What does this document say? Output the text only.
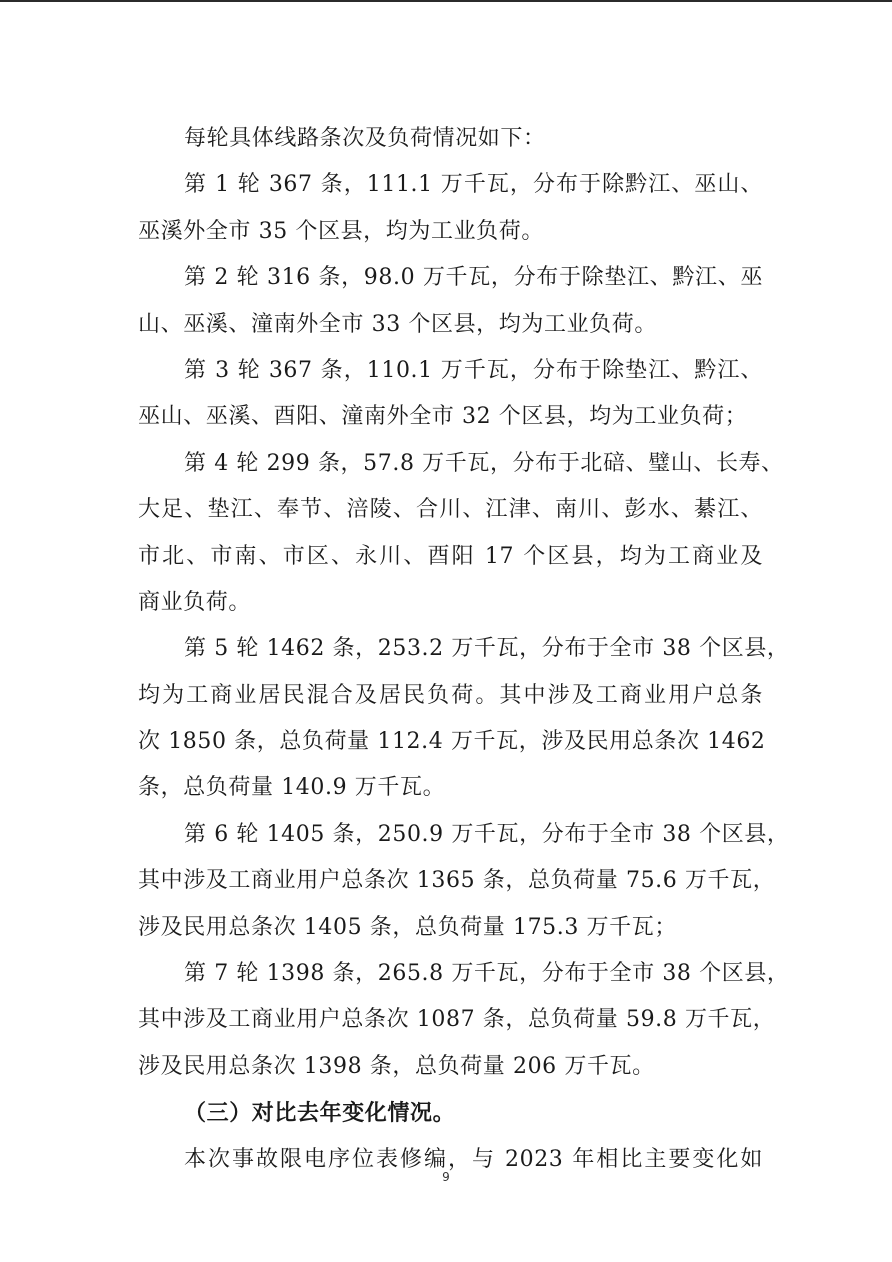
每轮具体线路条次及负荷情况如下：
第 1 轮 367 条，111.1 万千瓦，分布于除黔江、巫山、
巫溪外全市 35 个区县，均为工业负荷。
第 2 轮 316 条，98.0 万千瓦，分布于除垫江、黔江、巫
山、巫溪、潼南外全市 33 个区县，均为工业负荷。
第 3 轮 367 条，110.1 万千瓦，分布于除垫江、黔江、
巫山、巫溪、酉阳、潼南外全市 32 个区县，均为工业负荷；
第 4 轮 299 条，57.8 万千瓦，分布于北碚、璧山、长寿、
大足、垫江、奉节、涪陵、合川、江津、南川、彭水、綦江、
市北、市南、市区、永川、酉阳 17 个区县，均为工商业及
商业负荷。
第 5 轮 1462 条，253.2 万千瓦，分布于全市 38 个区县，
均为工商业居民混合及居民负荷。其中涉及工商业用户总条
次 1850 条，总负荷量 112.4 万千瓦，涉及民用总条次 1462
条，总负荷量 140.9 万千瓦。
第 6 轮 1405 条，250.9 万千瓦，分布于全市 38 个区县，
其中涉及工商业用户总条次 1365 条，总负荷量 75.6 万千瓦，
涉及民用总条次 1405 条，总负荷量 175.3 万千瓦；
第 7 轮 1398 条，265.8 万千瓦，分布于全市 38 个区县，
其中涉及工商业用户总条次 1087 条，总负荷量 59.8 万千瓦，
涉及民用总条次 1398 条，总负荷量 206 万千瓦。
（三）对比去年变化情况。
本次事故限电序位表修编，与 2023 年相比主要变化如
9
